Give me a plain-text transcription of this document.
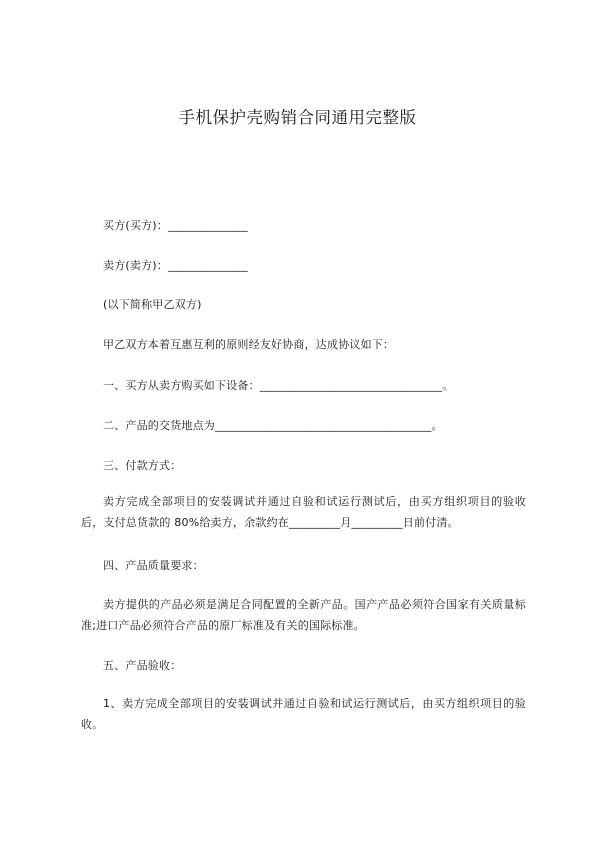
手机保护壳购销合同通用完整版
买方(买方)：______________
卖方(卖方)：______________
(以下简称甲乙双方)
甲乙双方本着互惠互利的原则经友好协商，达成协议如下：
一、买方从卖方购买如下设备：________________________________。
二、产品的交货地点为______________________________________。
三、付款方式：
卖方完成全部项目的安装调试并通过自验和试运行测试后，由买方组织项目的验收后，支付总货款的 80%给卖方，余款约在_________月_________日前付清。
四、产品质量要求：
卖方提供的产品必须是满足合同配置的全新产品。国产产品必须符合国家有关质量标准;进口产品必须符合产品的原厂标准及有关的国际标准。
五、产品验收：
1、卖方完成全部项目的安装调试并通过自验和试运行测试后，由买方组织项目的验收。
